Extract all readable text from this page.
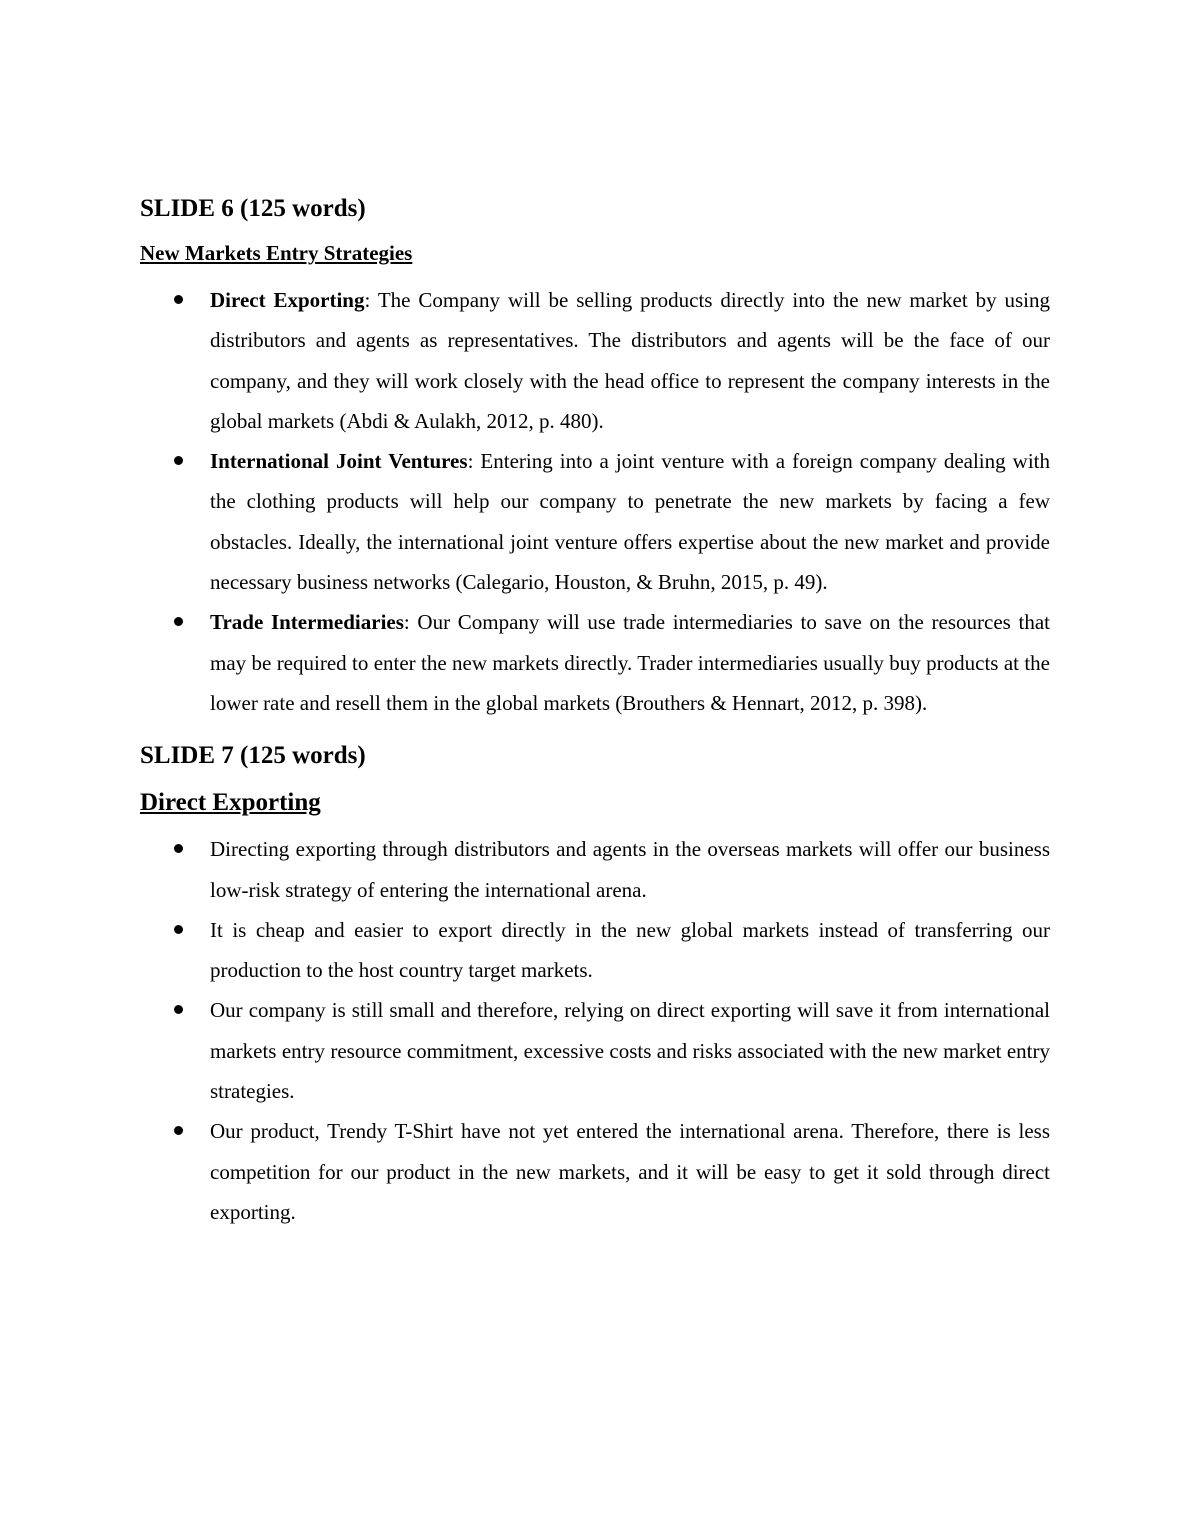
SLIDE 6 (125 words)
New Markets Entry Strategies
Direct Exporting: The Company will be selling products directly into the new market by using distributors and agents as representatives. The distributors and agents will be the face of our company, and they will work closely with the head office to represent the company interests in the global markets (Abdi & Aulakh, 2012, p. 480).
International Joint Ventures: Entering into a joint venture with a foreign company dealing with the clothing products will help our company to penetrate the new markets by facing a few obstacles. Ideally, the international joint venture offers expertise about the new market and provide necessary business networks (Calegario, Houston, & Bruhn, 2015, p. 49).
Trade Intermediaries: Our Company will use trade intermediaries to save on the resources that may be required to enter the new markets directly. Trader intermediaries usually buy products at the lower rate and resell them in the global markets (Brouthers & Hennart, 2012, p. 398).
SLIDE 7 (125 words)
Direct Exporting
Directing exporting through distributors and agents in the overseas markets will offer our business low-risk strategy of entering the international arena.
It is cheap and easier to export directly in the new global markets instead of transferring our production to the host country target markets.
Our company is still small and therefore, relying on direct exporting will save it from international markets entry resource commitment, excessive costs and risks associated with the new market entry strategies.
Our product, Trendy T-Shirt have not yet entered the international arena. Therefore, there is less competition for our product in the new markets, and it will be easy to get it sold through direct exporting.
